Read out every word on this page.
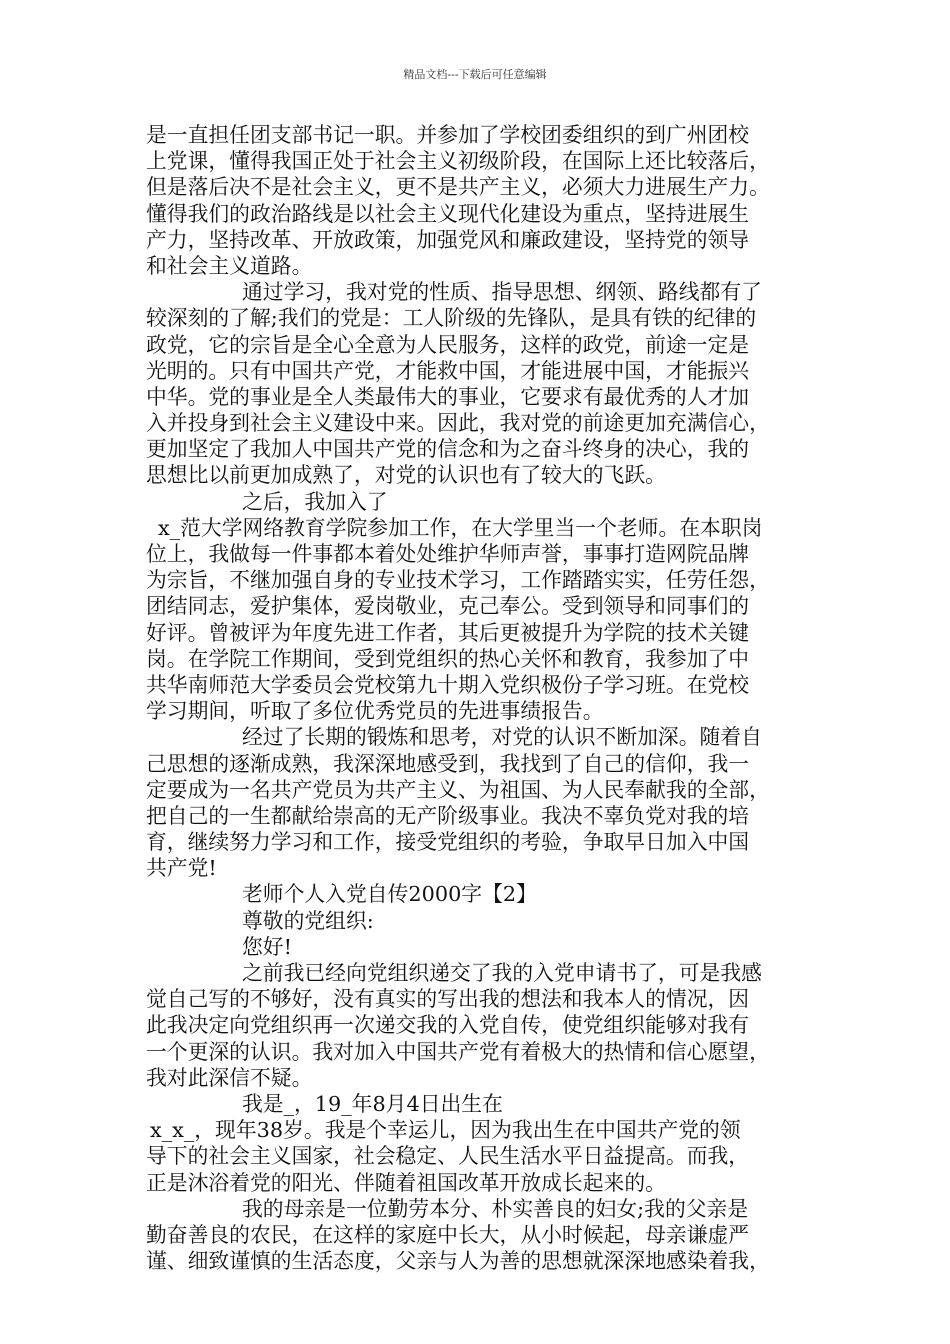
精品文档---下载后可任意编辑
是一直担任团支部书记一职。并参加了学校团委组织的到广州团校
上党课，懂得我国正处于社会主义初级阶段，在国际上还比较落后，
但是落后决不是社会主义，更不是共产主义，必须大力进展生产力。
懂得我们的政治路线是以社会主义现代化建设为重点，坚持进展生
产力，坚持改革、开放政策，加强党风和廉政建设，坚持党的领导
和社会主义道路。
通过学习，我对党的性质、指导思想、纲领、路线都有了
较深刻的了解;我们的党是：工人阶级的先锋队，是具有铁的纪律的
政党，它的宗旨是全心全意为人民服务，这样的政党，前途一定是
光明的。只有中国共产党，才能救中国，才能进展中国，才能振兴
中华。党的事业是全人类最伟大的事业，它要求有最优秀的人才加
入并投身到社会主义建设中来。因此，我对党的前途更加充满信心，
更加坚定了我加人中国共产党的信念和为之奋斗终身的决心，我的
思想比以前更加成熟了，对党的认识也有了较大的飞跃。
之后，我加入了
x_范大学网络教育学院参加工作，在大学里当一个老师。在本职岗
位上，我做每一件事都本着处处维护华师声誉，事事打造网院品牌
为宗旨，不继加强自身的专业技术学习，工作踏踏实实，任劳任怨，
团结同志，爱护集体，爱岗敬业，克己奉公。受到领导和同事们的
好评。曾被评为年度先进工作者，其后更被提升为学院的技术关键
岗。在学院工作期间，受到党组织的热心关怀和教育，我参加了中
共华南师范大学委员会党校第九十期入党织极份子学习班。在党校
学习期间，听取了多位优秀党员的先进事绩报告。
经过了长期的锻炼和思考，对党的认识不断加深。随着自
己思想的逐渐成熟，我深深地感受到，我找到了自己的信仰，我一
定要成为一名共产党员为共产主义、为祖国、为人民奉献我的全部，
把自己的一生都献给崇高的无产阶级事业。我决不辜负党对我的培
育，继续努力学习和工作，接受党组织的考验，争取早日加入中国
共产党!
老师个人入党自传2000字【2】
尊敬的党组织:
您好!
之前我已经向党组织递交了我的入党申请书了，可是我感
觉自己写的不够好，没有真实的写出我的想法和我本人的情况，因
此我决定向党组织再一次递交我的入党自传，使党组织能够对我有
一个更深的认识。我对加入中国共产党有着极大的热情和信心愿望，
我对此深信不疑。
我是_，19_年8月4日出生在
x_x_，现年38岁。我是个幸运儿，因为我出生在中国共产党的领
导下的社会主义国家，社会稳定、人民生活水平日益提高。而我，
正是沐浴着党的阳光、伴随着祖国改革开放成长起来的。
我的母亲是一位勤劳本分、朴实善良的妇女;我的父亲是
勤奋善良的农民，在这样的家庭中长大，从小时候起，母亲谦虚严
谨、细致谨慎的生活态度，父亲与人为善的思想就深深地感染着我，
